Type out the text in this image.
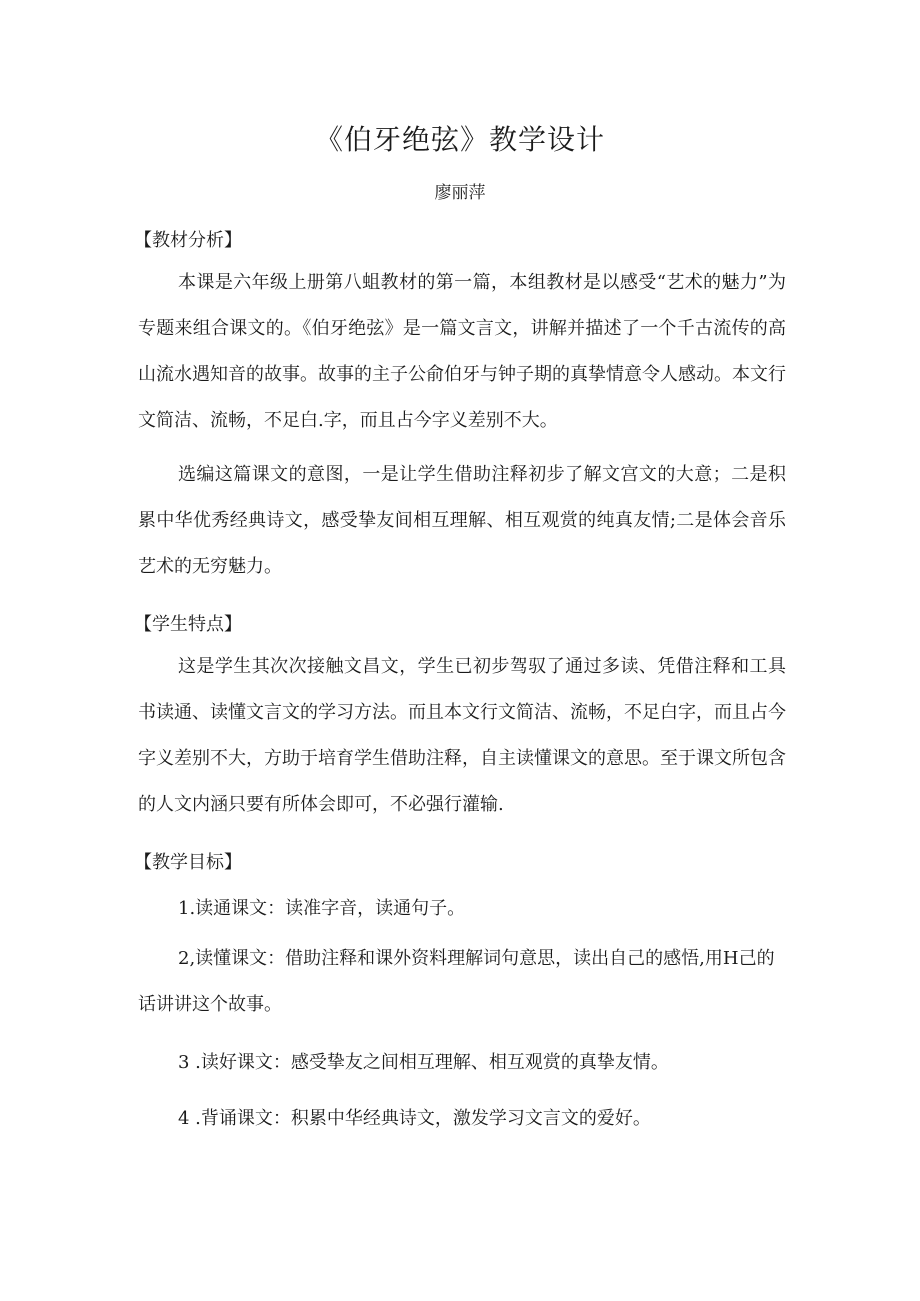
《伯牙绝弦》教学设计
廖丽萍
【教材分析】

本课是六年级上册第八蛆教材的第一篇，本组教材是以感受“艺术的魅力”为专题来组合课文的。《伯牙绝弦》是一篇文言文，讲解并描述了一个千古流传的高山流水遇知音的故事。故事的主子公俞伯牙与钟子期的真挚情意令人感动。本文行文简洁、流畅，不足白.字，而且占今字义差别不大。

选编这篇课文的意图，一是让学生借助注释初步了解文宫文的大意；二是积累中华优秀经典诗文，感受挚友间相互理解、相互观赏的纯真友情;二是体会音乐艺术的无穷魅力。

【学生特点】

这是学生其次次接触文昌文，学生已初步驾驭了通过多读、凭借注释和工具书读通、读懂文言文的学习方法。而且本文行文简洁、流畅，不足白字，而且占今字义差别不大，方助于培育学生借助注释，自主读懂课文的意思。至于课文所包含的人文内涵只要有所体会即可，不必强行灌输.

【教学目标】

1.读通课文：读准字音，读通句子。

2,读懂课文：借助注释和课外资料理解词句意思，读出自己的感悟,用H己的话讲讲这个故事。

3 .读好课文：感受挚友之间相互理解、相互观赏的真挚友情。

4 .背诵课文：积累中华经典诗文，激发学习文言文的爱好。
